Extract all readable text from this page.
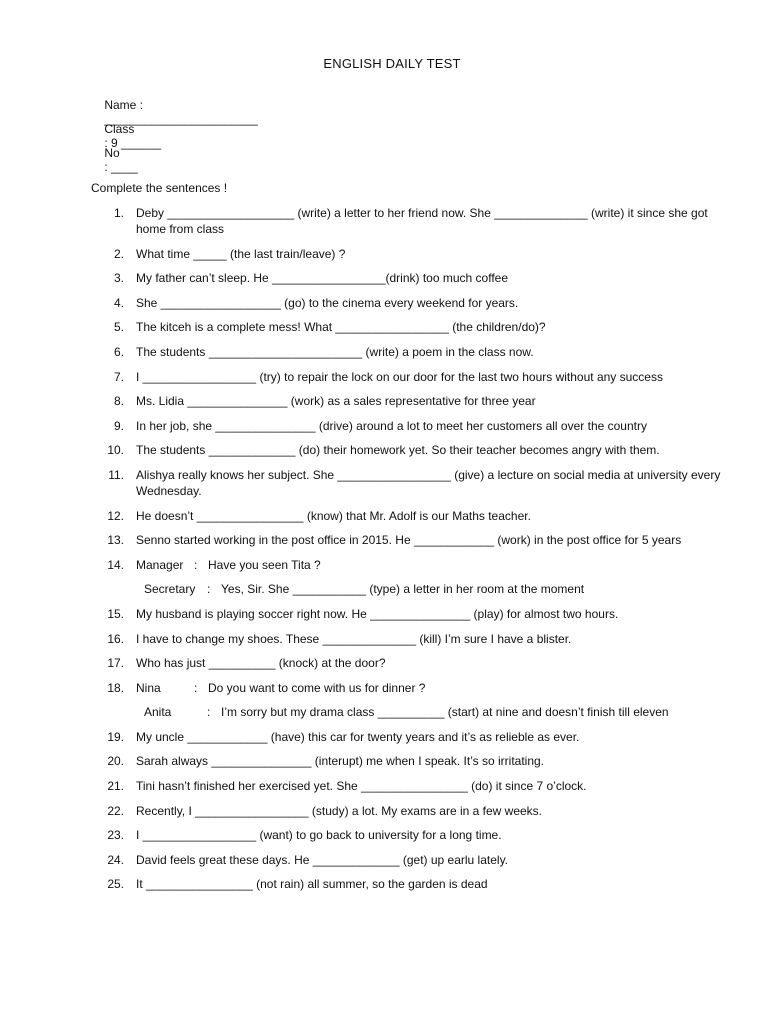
ENGLISH DAILY TEST

Name :
_______________________

Class
: 9 ______

No
: ____

Complete the sentences !
1. Deby ___________________ (write) a letter to her friend now. She ______________ (write) it since she got home from class
2. What time _____ (the last train/leave) ?
3. My father can’t sleep. He _________________(drink) too much coffee
4. She __________________ (go) to the cinema every weekend for years.
5. The kitceh is a complete mess! What _________________ (the children/do)?
6. The students _______________________ (write) a poem in the class now.
7. I _________________ (try) to repair the lock on our door for the last two hours without any success
8. Ms. Lidia _______________ (work) as a sales representative for three year
9. In her job, she _______________ (drive) around a lot to meet her customers all over the country
10. The students _____________ (do) their homework yet. So their teacher becomes angry with them.
11. Alishya really knows her subject. She _________________ (give) a lecture on social media at university every Wednesday.
12. He doesn’t ________________ (know) that Mr. Adolf is our Maths teacher.
13. Senno started working in the post office in 2015. He ____________ (work) in the post office for 5 years
14. Manager : Have you seen Tita ?
Secretary : Yes, Sir. She ___________ (type) a letter in her room at the moment
15. My husband is playing soccer right now. He _______________ (play) for almost two hours.
16. I have to change my shoes. These ______________ (kill) I’m sure I have a blister.
17. Who has just __________ (knock) at the door?
18. Nina	: Do you want to come with us for dinner ?
Anita	: I’m sorry but my drama class __________ (start) at nine and doesn’t finish till eleven
19. My uncle ____________ (have) this car for twenty years and it’s as relieble as ever.
20. Sarah always _______________ (interupt) me when I speak. It’s so irritating.
21. Tini hasn’t finished her exercised yet. She ________________ (do) it since 7 o’clock.
22. Recently, I _________________ (study) a lot. My exams are in a few weeks.
23. I _________________ (want) to go back to university for a long time.
24. David feels great these days. He _____________ (get) up earlu lately.
25. It ________________ (not rain) all summer, so the garden is dead
